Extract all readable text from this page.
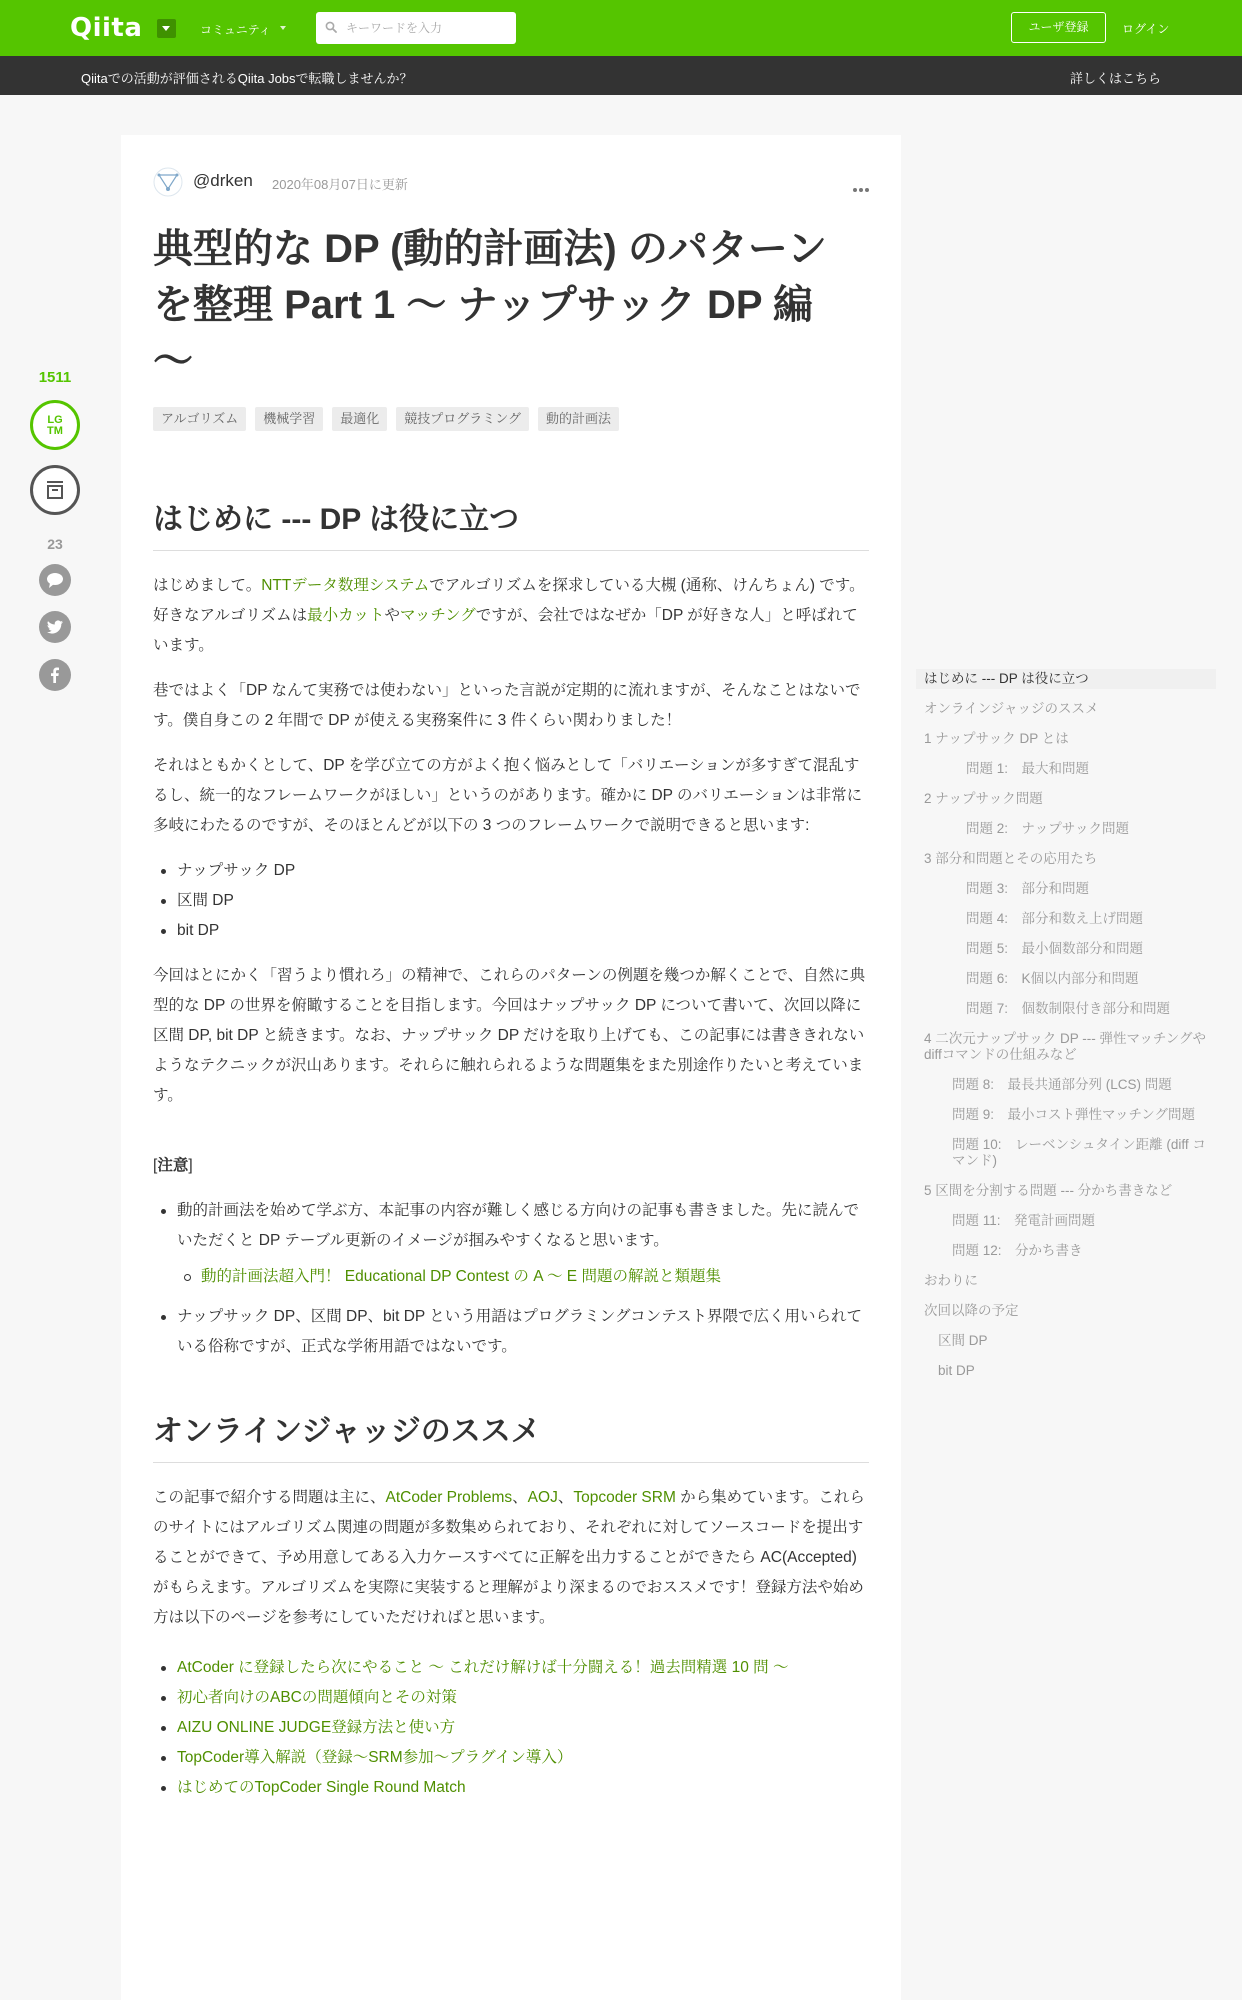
Qiita	コミュニティ
キーワードを入力	ユーザ登録	ログイン
Qiitaでの活動が評価されるQiita Jobsで転職しませんか？	詳しくはこちら
1511
LG
TM
23
@drken 2020年08月07日に更新
典型的な DP (動的計画法) のパターンを整理 Part 1 ～ ナップサック DP 編 ～
アルゴリズム	機械学習	最適化	競技プログラミング	動的計画法
はじめに --- DP は役に立つ

はじめまして。NTTデータ数理システムでアルゴリズムを探求している大槻 (通称、けんちょん) です。
好きなアルゴリズムは最小カットやマッチングですが、会社ではなぜか「DP が好きな人」と呼ばれています。

巷ではよく「DP なんて実務では使わない」といった言説が定期的に流れますが、そんなことはないです。僕自身この 2 年間で DP が使える実務案件に 3 件くらい関わりました！

それはともかくとして、DP を学び立ての方がよく抱く悩みとして「バリエーションが多すぎて混乱するし、統一的なフレームワークがほしい」というのがあります。確かに DP のバリエーションは非常に多岐にわたるのですが、そのほとんどが以下の 3 つのフレームワークで説明できると思います:

ナップサック DP
区間 DP
bit DP

今回はとにかく「習うより慣れろ」の精神で、これらのパターンの例題を幾つか解くことで、自然に典型的な DP の世界を俯瞰することを目指します。今回はナップサック DP について書いて、次回以降に区間 DP, bit DP と続きます。なお、ナップサック DP だけを取り上げても、この記事には書ききれないようなテクニックが沢山あります。それらに触れられるような問題集をまた別途作りたいと考えています。

[注意]

動的計画法を始めて学ぶ方、本記事の内容が難しく感じる方向けの記事も書きました。先に読んでいただくと DP テーブル更新のイメージが掴みやすくなると思います。
動的計画法超入門！ Educational DP Contest の A ～ E 問題の解説と類題集
ナップサック DP、区間 DP、bit DP という用語はプログラミングコンテスト界隈で広く用いられている俗称ですが、正式な学術用語ではないです。
オンラインジャッジのススメ

この記事で紹介する問題は主に、AtCoder Problems、AOJ、Topcoder SRM から集めています。これらのサイトにはアルゴリズム関連の問題が多数集められており、それぞれに対してソースコードを提出することができて、予め用意してある入力ケースすべてに正解を出力することができたら AC(Accepted) がもらえます。アルゴリズムを実際に実装すると理解がより深まるのでおススメです！登録方法や始め方は以下のページを参考にしていただければと思います。

AtCoder に登録したら次にやること ～ これだけ解けば十分闘える！過去問精選 10 問 ～
初心者向けのABCの問題傾向とその対策
AIZU ONLINE JUDGE登録方法と使い方
TopCoder導入解説（登録～SRM参加～プラグイン導入）
はじめてのTopCoder Single Round Match
はじめに --- DP は役に立つ
オンラインジャッジのススメ
1 ナップサック DP とは
問題 1:　最大和問題
2 ナップサック問題
問題 2:　ナップサック問題
3 部分和問題とその応用たち
問題 3:　部分和問題
問題 4:　部分和数え上げ問題
問題 5:　最小個数部分和問題
問題 6:　K個以内部分和問題
問題 7:　個数制限付き部分和問題
4 二次元ナップサック DP --- 弾性マッチングやdiffコマンドの仕組みなど
問題 8:　最長共通部分列 (LCS) 問題
問題 9:　最小コスト弾性マッチング問題
問題 10:　レーベンシュタイン距離 (diff コマンド)
5 区間を分割する問題 --- 分かち書きなど
問題 11:　発電計画問題
問題 12:　分かち書き
おわりに
次回以降の予定
区間 DP
bit DP
